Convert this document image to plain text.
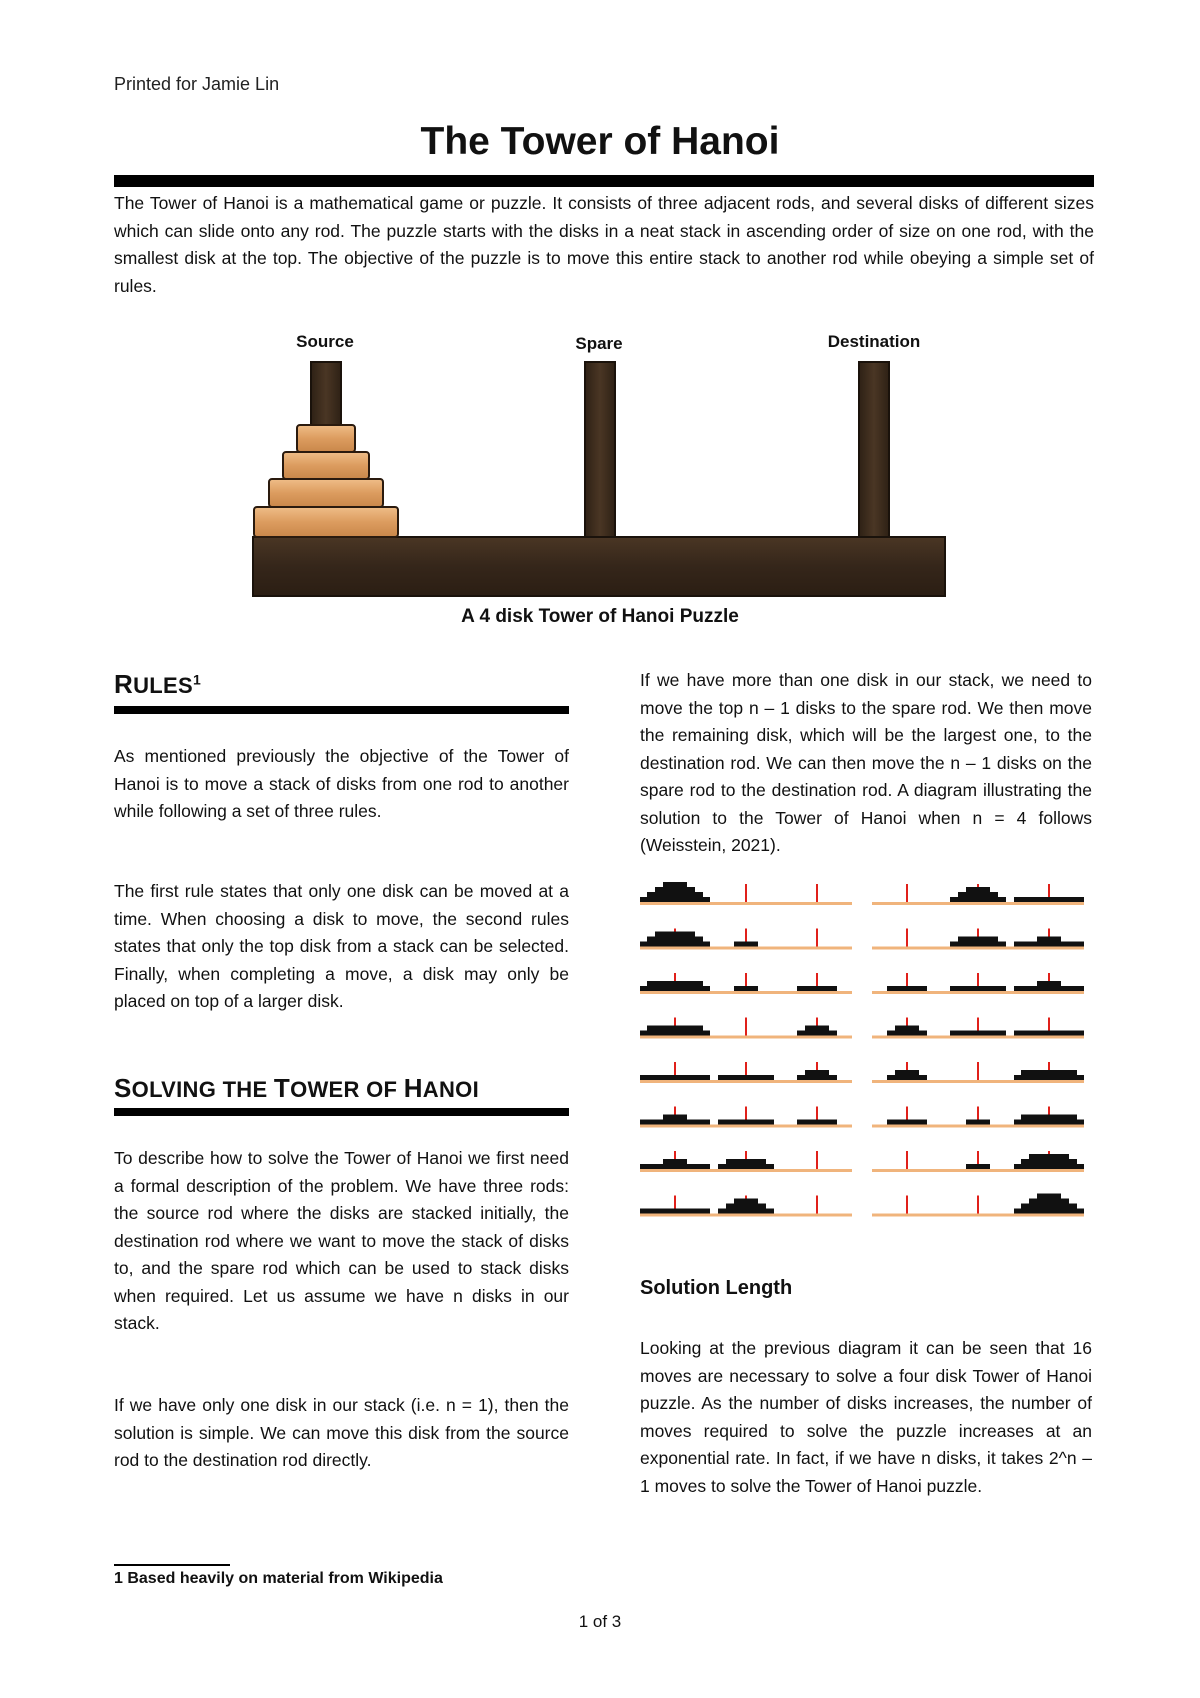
Printed for Jamie Lin
The Tower of Hanoi

The Tower of Hanoi is a mathematical game or puzzle. It consists of three adjacent rods, and several disks of different sizes which can slide onto any rod. The puzzle starts with the disks in a neat stack in ascending order of size on one rod, with the smallest disk at the top. The objective of the puzzle is to move this entire stack to another rod while obeying a simple set of rules.

Source	Spare	Destination
A 4 disk Tower of Hanoi Puzzle
RULES$^1$

As mentioned previously the objective of the Tower of Hanoi is to move a stack of disks from one rod to another while following a set of three rules.

The first rule states that only one disk can be moved at a time. When choosing a disk to move, the second rules states that only the top disk from a stack can be selected. Finally, when completing a move, a disk may only be placed on top of a larger disk.

SOLVING THE TOWER OF HANOI

To describe how to solve the Tower of Hanoi we first need a formal description of the problem. We have three rods: the source rod where the disks are stacked initially, the destination rod where we want to move the stack of disks to, and the spare rod which can be used to stack disks when required. Let us assume we have n disks in our stack.

If we have only one disk in our stack (i.e. n = 1), then the solution is simple. We can move this disk from the source rod to the destination rod directly.

1 Based heavily on material from Wikipedia

If we have more than one disk in our stack, we need to move the top n – 1 disks to the spare rod. We then move the remaining disk, which will be the largest one, to the destination rod. We can then move the n – 1 disks on the spare rod to the destination rod. A diagram illustrating the solution to the Tower of Hanoi when n = 4 follows (Weisstein, 2021).

Solution Length

Looking at the previous diagram it can be seen that 16 moves are necessary to solve a four disk Tower of Hanoi puzzle. As the number of disks increases, the number of moves required to solve the puzzle increases at an exponential rate. In fact, if we have n disks, it takes 2^n – 1 moves to solve the Tower of Hanoi puzzle.

1 of 3
